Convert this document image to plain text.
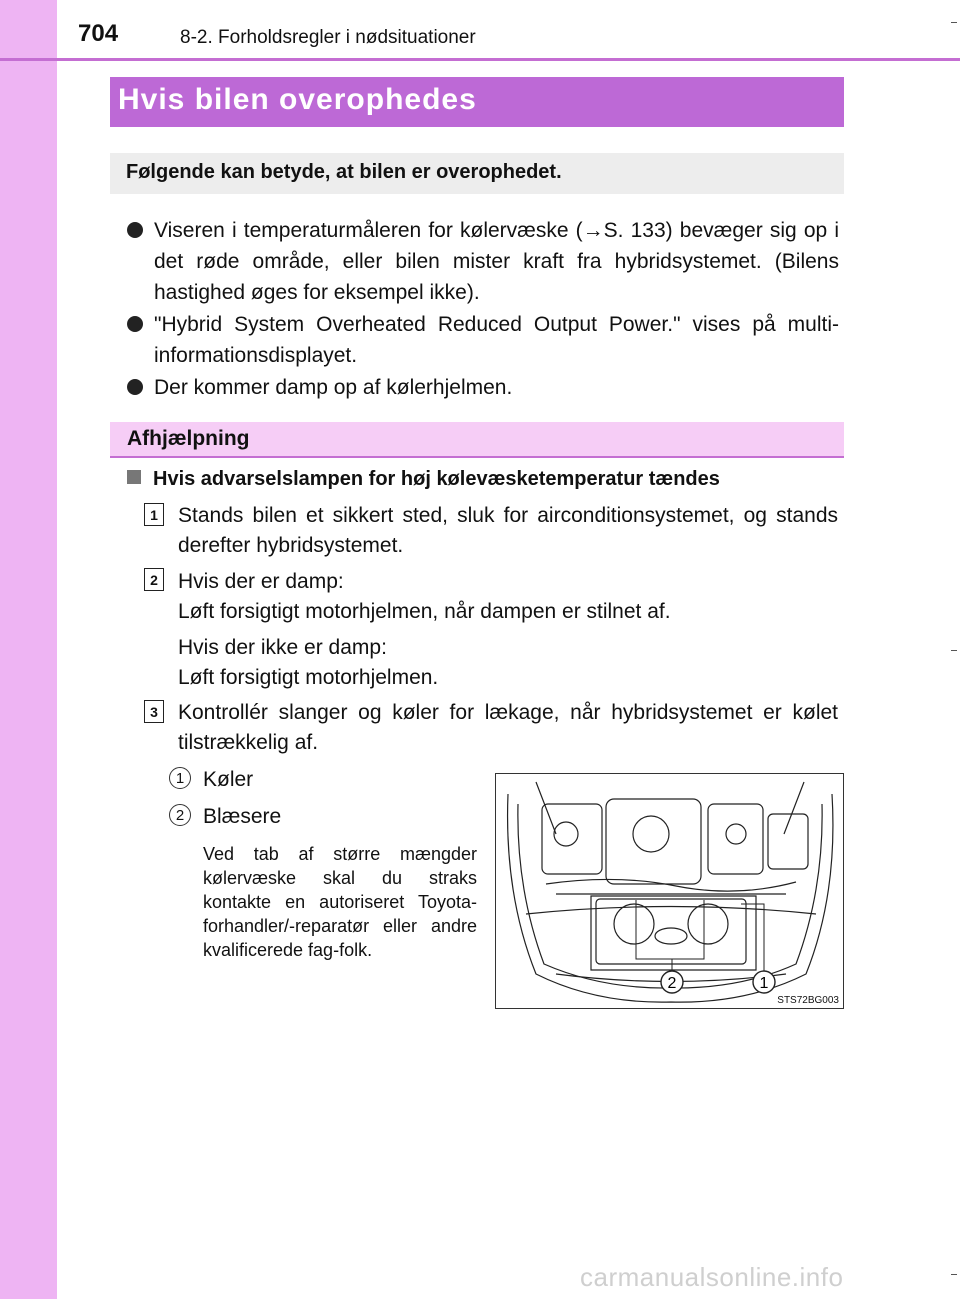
704	8-2. Forholdsregler i nødsituationer
Hvis bilen overophedes
Følgende kan betyde, at bilen er overophedet.
Viseren i temperaturmåleren for kølervæske (→S. 133) bevæger sig op i det røde område, eller bilen mister kraft fra hybridsystemet. (Bilens hastighed øges for eksempel ikke).
"Hybrid System Overheated Reduced Output Power." vises på multi-informationsdisplayet.
Der kommer damp op af kølerhjelmen.
Afhjælpning
Hvis advarselslampen for høj kølevæsketemperatur tændes
1 Stands bilen et sikkert sted, sluk for airconditionsystemet, og stands derefter hybridsystemet.

2 Hvis der er damp:

Løft forsigtigt motorhjelmen, når dampen er stilnet af.

Hvis der ikke er damp:

Løft forsigtigt motorhjelmen.

3 Kontrollér slanger og køler for lækage, når hybridsystemet er kølet tilstrækkelig af.

1 Køler
2 Blæsere

Ved tab af større mængder kølervæske skal du straks kontakte en autoriseret Toyota-forhandler/-reparatør eller andre kvalificerede fag-folk.

2	1
STS72BG003
carmanualsonline.info
